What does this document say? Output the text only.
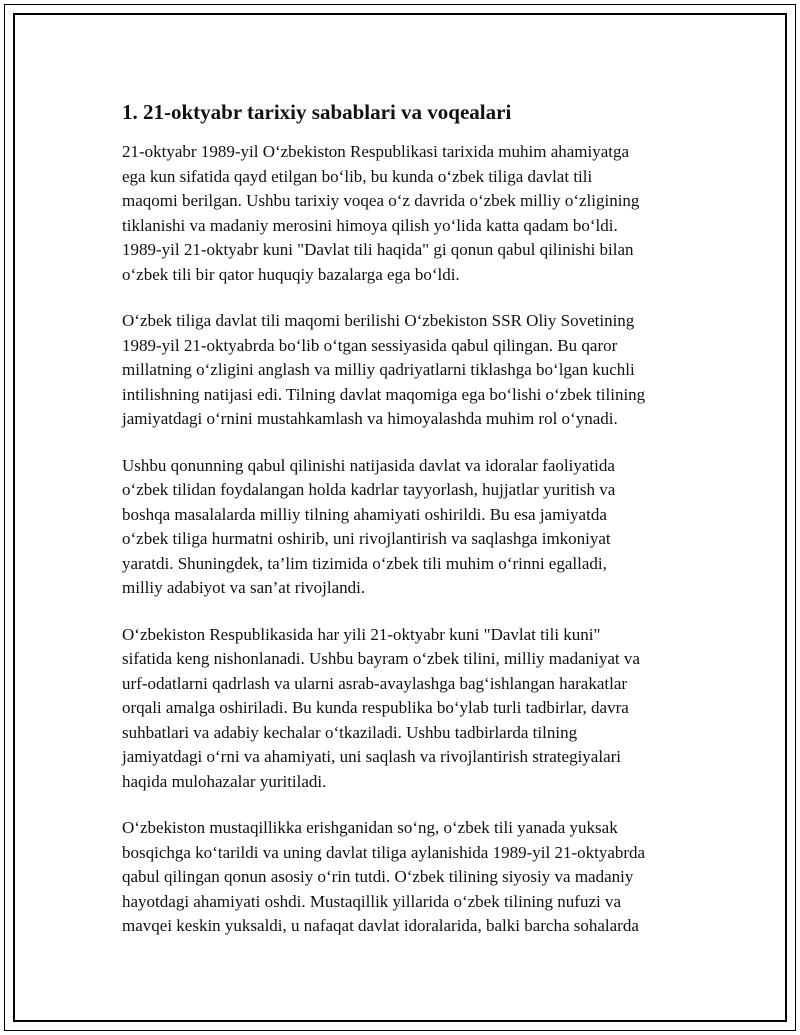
1. 21-oktyabr tarixiy sabablari va voqealari

21-oktyabr 1989-yil O‘zbekiston Respublikasi tarixida muhim ahamiyatga
ega kun sifatida qayd etilgan bo‘lib, bu kunda o‘zbek tiliga davlat tili
maqomi berilgan. Ushbu tarixiy voqea o‘z davrida o‘zbek milliy o‘zligining
tiklanishi va madaniy merosini himoya qilish yo‘lida katta qadam bo‘ldi.
1989-yil 21-oktyabr kuni "Davlat tili haqida" gi qonun qabul qilinishi bilan
o‘zbek tili bir qator huquqiy bazalarga ega bo‘ldi.

O‘zbek tiliga davlat tili maqomi berilishi O‘zbekiston SSR Oliy Sovetining
1989-yil 21-oktyabrda bo‘lib o‘tgan sessiyasida qabul qilingan. Bu qaror
millatning o‘zligini anglash va milliy qadriyatlarni tiklashga bo‘lgan kuchli
intilishning natijasi edi. Tilning davlat maqomiga ega bo‘lishi o‘zbek tilining
jamiyatdagi o‘rnini mustahkamlash va himoyalashda muhim rol o‘ynadi.

Ushbu qonunning qabul qilinishi natijasida davlat va idoralar faoliyatida
o‘zbek tilidan foydalangan holda kadrlar tayyorlash, hujjatlar yuritish va
boshqa masalalarda milliy tilning ahamiyati oshirildi. Bu esa jamiyatda
o‘zbek tiliga hurmatni oshirib, uni rivojlantirish va saqlashga imkoniyat
yaratdi. Shuningdek, ta’lim tizimida o‘zbek tili muhim o‘rinni egalladi,
milliy adabiyot va san’at rivojlandi.

O‘zbekiston Respublikasida har yili 21-oktyabr kuni "Davlat tili kuni"
sifatida keng nishonlanadi. Ushbu bayram o‘zbek tilini, milliy madaniyat va
urf-odatlarni qadrlash va ularni asrab-avaylashga bag‘ishlangan harakatlar
orqali amalga oshiriladi. Bu kunda respublika bo‘ylab turli tadbirlar, davra
suhbatlari va adabiy kechalar o‘tkaziladi. Ushbu tadbirlarda tilning
jamiyatdagi o‘rni va ahamiyati, uni saqlash va rivojlantirish strategiyalari
haqida mulohazalar yuritiladi.

O‘zbekiston mustaqillikka erishganidan so‘ng, o‘zbek tili yanada yuksak
bosqichga ko‘tarildi va uning davlat tiliga aylanishida 1989-yil 21-oktyabrda
qabul qilingan qonun asosiy o‘rin tutdi. O‘zbek tilining siyosiy va madaniy
hayotdagi ahamiyati oshdi. Mustaqillik yillarida o‘zbek tilining nufuzi va
mavqei keskin yuksaldi, u nafaqat davlat idoralarida, balki barcha sohalarda
